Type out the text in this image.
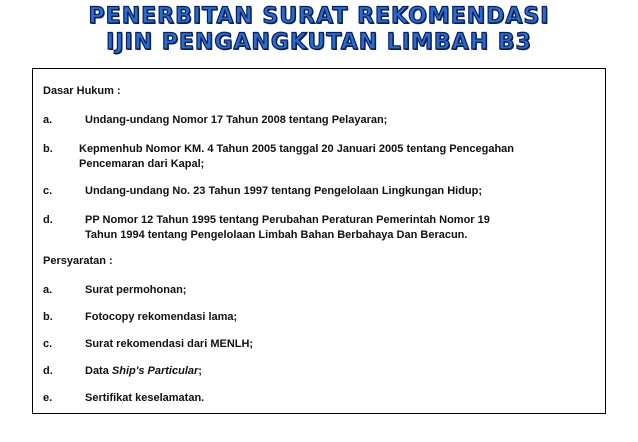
PENERBITAN SURAT REKOMENDASI
IJIN PENGANGKUTAN LIMBAH B3
Dasar Hukum :
a.	Undang-undang Nomor 17 Tahun 2008 tentang Pelayaran;
b. Kepmenhub Nomor KM. 4 Tahun 2005 tanggal 20 Januari 2005 tentang Pencegahan
Pencemaran dari Kapal;
c.	Undang-undang No. 23 Tahun 1997 tentang Pengelolaan Lingkungan Hidup;
d.	PP Nomor 12 Tahun 1995 tentang Perubahan Peraturan Pemerintah Nomor 19
Tahun 1994 tentang Pengelolaan Limbah Bahan Berbahaya Dan Beracun.
Persyaratan :
a.	Surat permohonan;
b.	Fotocopy rekomendasi lama;
c.	Surat rekomendasi dari MENLH;
d.	Data Ship's Particular;
e.	Sertifikat keselamatan.
